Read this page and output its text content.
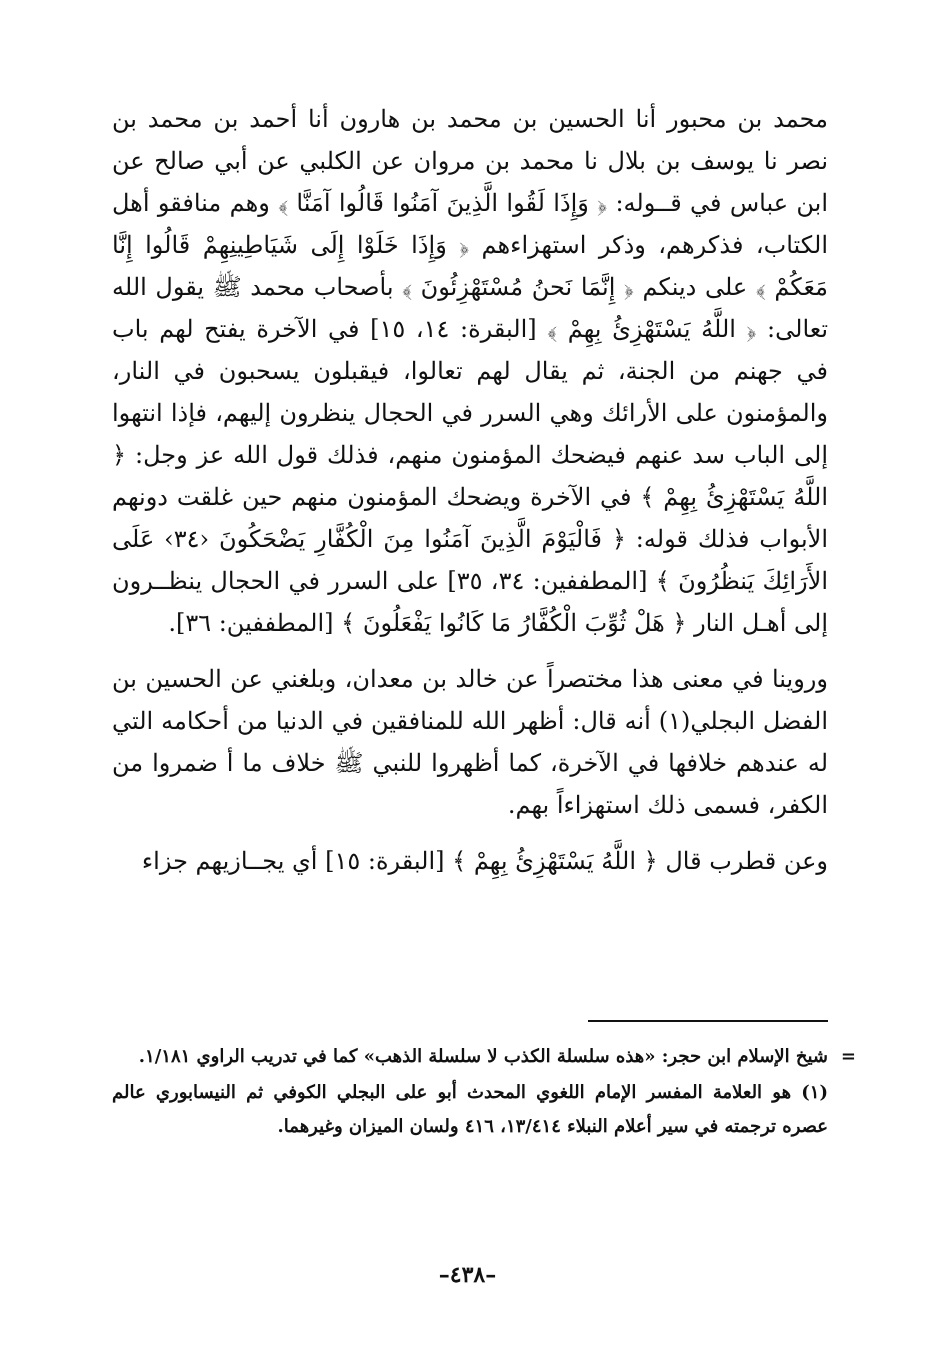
محمد بن محبور أنا الحسين بن محمد بن هارون أنا أحمد بن محمد بن نصر نا يوسف بن بلال نا محمد بن مروان عن الكلبي عن أبي صالح عن ابن عباس في قــوله: ﴿ وَإِذَا لَقُوا الَّذِينَ آمَنُوا قَالُوا آمَنَّا ﴾ وهم منافقو أهل الكتاب، فذكرهم، وذكر استهزاءهم ﴿ وَإِذَا خَلَوْا إِلَى شَيَاطِينِهِمْ قَالُوا إِنَّا مَعَكُمْ ﴾ على دينكم ﴿ إِنَّمَا نَحنُ مُسْتَهْزِئُونَ ﴾ بأصحاب محمد ﷺ يقول الله تعالى: ﴿ اللَّهُ يَسْتَهْزِئُ بِهِمْ ﴾ [البقرة: ١٤، ١٥] في الآخرة يفتح لهم باب في جهنم من الجنة، ثم يقال لهم تعالوا، فيقبلون يسحبون في النار، والمؤمنون على الأرائك وهي السرر في الحجال ينظرون إليهم، فإذا انتهوا إلى الباب سد عنهم فيضحك المؤمنون منهم، فذلك قول الله عز وجل: ﴿ اللَّهُ يَسْتَهْزِئُ بِهِمْ ﴾ في الآخرة ويضحك المؤمنون منهم حين غلقت دونهم الأبواب فذلك قوله: ﴿ فَالْيَوْمَ الَّذِينَ آمَنُوا مِنَ الْكُفَّارِ يَضْحَكُونَ ‹٣٤› عَلَى الأَرَائِكَ يَنظُرُونَ ﴾ [المطففين: ٣٤، ٣٥] على السرر في الحجال ينظــرون إلى أهـل النار ﴿ هَلْ ثُوِّبَ الْكُفَّارُ مَا كَانُوا يَفْعَلُونَ ﴾ [المطففين: ٣٦].

وروينا في معنى هذا مختصراً عن خالد بن معدان، وبلغني عن الحسين بن الفضل البجلي(١) أنه قال: أظهر الله للمنافقين في الدنيا من أحكامه التي له عندهم خلافها في الآخرة، كما أظهروا للنبي ﷺ خلاف ما أ ضمروا من الكفر، فسمى ذلك استهزاءاً بهم.

وعن قطرب قال ﴿ اللَّهُ يَسْتَهْزِئُ بِهِمْ ﴾ [البقرة: ١٥] أي يجــازيهم جزاء

=
شيخ الإسلام ابن حجر: «هذه سلسلة الكذب لا سلسلة الذهب» كما في تدريب الراوي ١/١٨١.

(١) هو العلامة المفسر الإمام اللغوي المحدث أبو على البجلي الكوفي ثم النيسابوري عالم عصره ترجمته في سير أعلام النبلاء ١٣/٤١٤، ٤١٦ ولسان الميزان وغيرهما.

–٤٣٨–
